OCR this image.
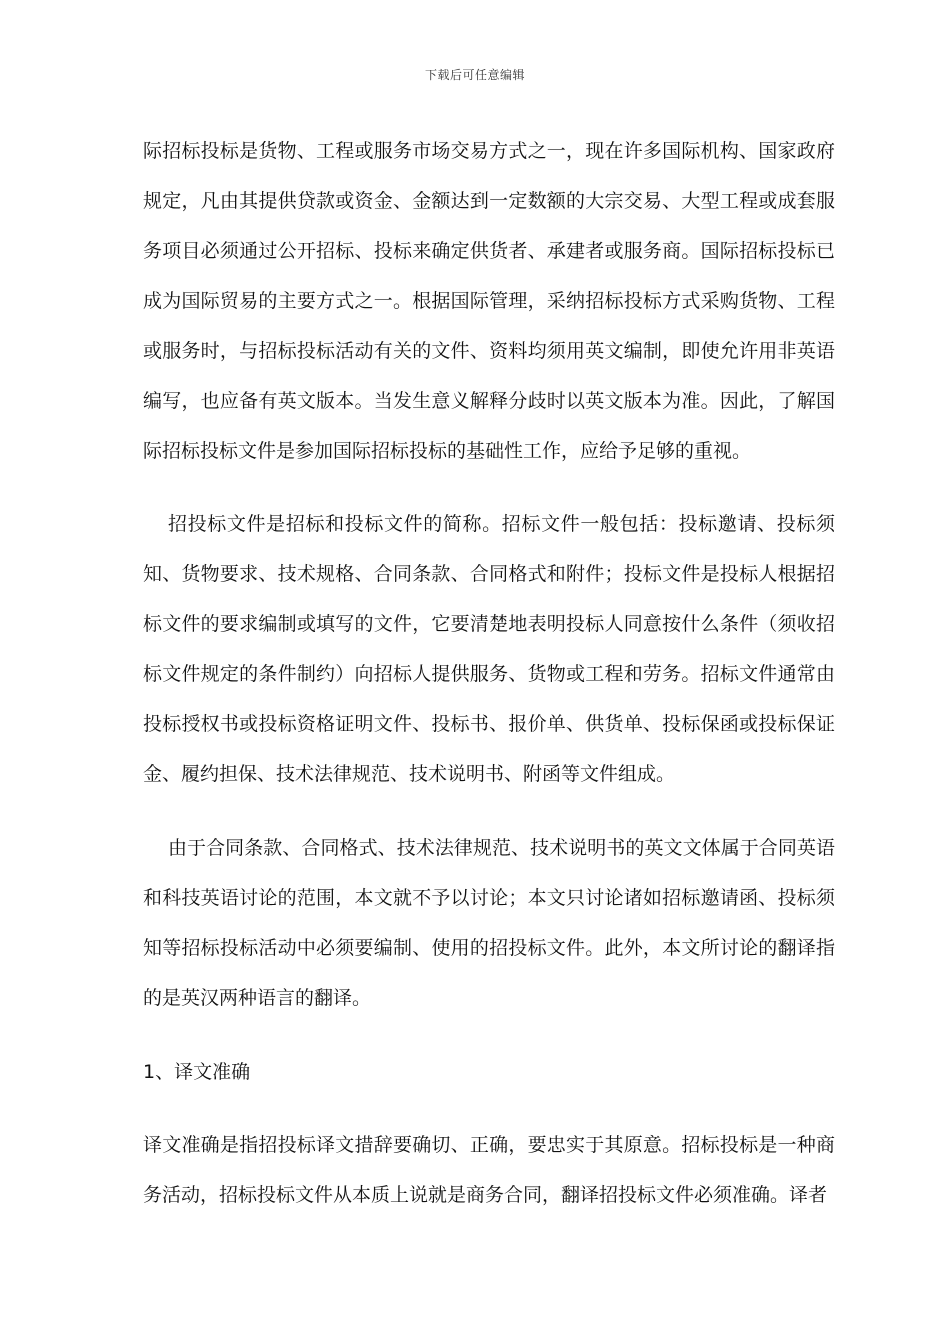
下载后可任意编辑

际招标投标是货物、工程或服务市场交易方式之一，现在许多国际机构、国家政府规定，凡由其提供贷款或资金、金额达到一定数额的大宗交易、大型工程或成套服务项目必须通过公开招标、投标来确定供货者、承建者或服务商。国际招标投标已成为国际贸易的主要方式之一。根据国际管理，采纳招标投标方式采购货物、工程或服务时，与招标投标活动有关的文件、资料均须用英文编制，即使允许用非英语编写，也应备有英文版本。当发生意义解释分歧时以英文版本为准。因此，了解国际招标投标文件是参加国际招标投标的基础性工作，应给予足够的重视。

招投标文件是招标和投标文件的简称。招标文件一般包括：投标邀请、投标须知、货物要求、技术规格、合同条款、合同格式和附件；投标文件是投标人根据招标文件的要求编制或填写的文件，它要清楚地表明投标人同意按什么条件（须收招标文件规定的条件制约）向招标人提供服务、货物或工程和劳务。招标文件通常由投标授权书或投标资格证明文件、投标书、报价单、供货单、投标保函或投标保证金、履约担保、技术法律规范、技术说明书、附函等文件组成。

由于合同条款、合同格式、技术法律规范、技术说明书的英文文体属于合同英语和科技英语讨论的范围，本文就不予以讨论；本文只讨论诸如招标邀请函、投标须知等招标投标活动中必须要编制、使用的招投标文件。此外，本文所讨论的翻译指的是英汉两种语言的翻译。

1、译文准确

译文准确是指招投标译文措辞要确切、正确，要忠实于其原意。招标投标是一种商务活动，招标投标文件从本质上说就是商务合同，翻译招投标文件必须准确。译者
